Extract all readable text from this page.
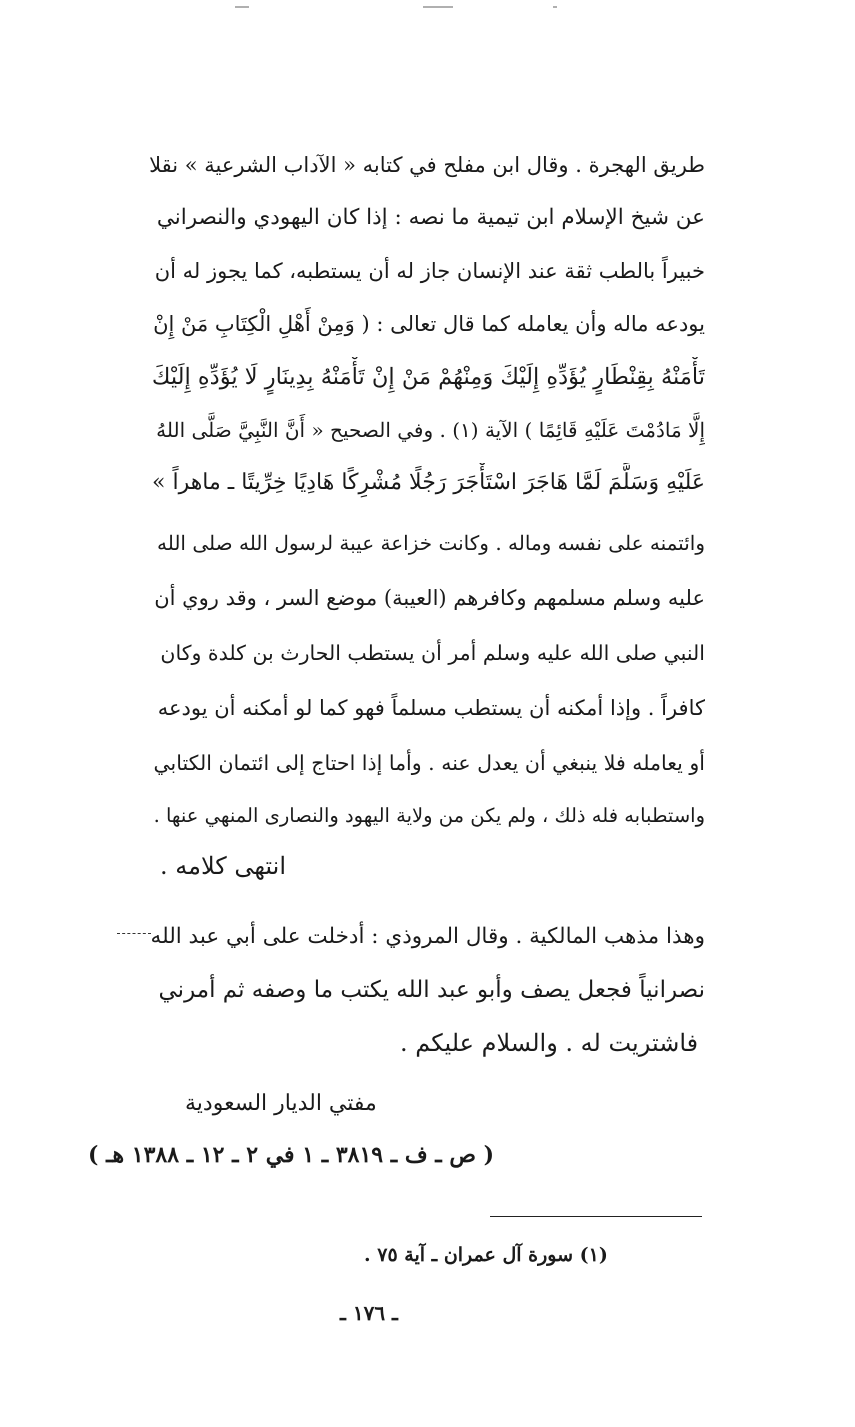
طريق الهجرة . وقال ابن مفلح في كتابه « الآداب الشرعية » نقلا
عن شيخ الإسلام ابن تيمية ما نصه : إذا كان اليهودي والنصراني
خبيراً بالطب ثقة عند الإنسان جاز له أن يستطبه، كما يجوز له أن
يودعه ماله وأن يعامله كما قال تعالى : ( وَمِنْ أَهْلِ الْكِتَابِ مَنْ إِنْ
تَأْمَنْهُ بِقِنْطَارٍ يُؤَدِّهِ إِلَيْكَ وَمِنْهُمْ مَنْ إِنْ تَأْمَنْهُ بِدِينَارٍ لَا يُؤَدِّهِ إِلَيْكَ
إِلَّا مَادُمْتَ عَلَيْهِ قَائِمًا ) الآية (١) . وفي الصحيح « أَنَّ النَّبِيَّ صَلَّى اللهُ
عَلَيْهِ وَسَلَّمَ لَمَّا هَاجَرَ اسْتَأْجَرَ رَجُلًا مُشْرِكًا هَادِيًا خِرِّيتًا ـ ماهراً »
وائتمنه على نفسه وماله . وكانت خزاعة عيبة لرسول الله صلى الله
عليه وسلم مسلمهم وكافرهم (العيبة) موضع السر ، وقد روي أن
النبي صلى الله عليه وسلم أمر أن يستطب الحارث بن كلدة وكان
كافراً . وإذا أمكنه أن يستطب مسلماً فهو كما لو أمكنه أن يودعه
أو يعامله فلا ينبغي أن يعدل عنه . وأما إذا احتاج إلى ائتمان الكتابي
واستطبابه فله ذلك ، ولم يكن من ولاية اليهود والنصارى المنهي عنها .
انتهى كلامه .
وهذا مذهب المالكية . وقال المروذي : أدخلت على أبي عبد الله
نصرانياً فجعل يصف وأبو عبد الله يكتب ما وصفه ثم أمرني
فاشتريت له . والسلام عليكم .
مفتي الديار السعودية
( ص ـ ف ـ ٣٨١٩ ـ ١ في ٢ ـ ١٢ ـ ١٣٨٨ هـ )
(١) سورة آل عمران ـ آية ٧٥ .
ـ ١٧٦ ـ
